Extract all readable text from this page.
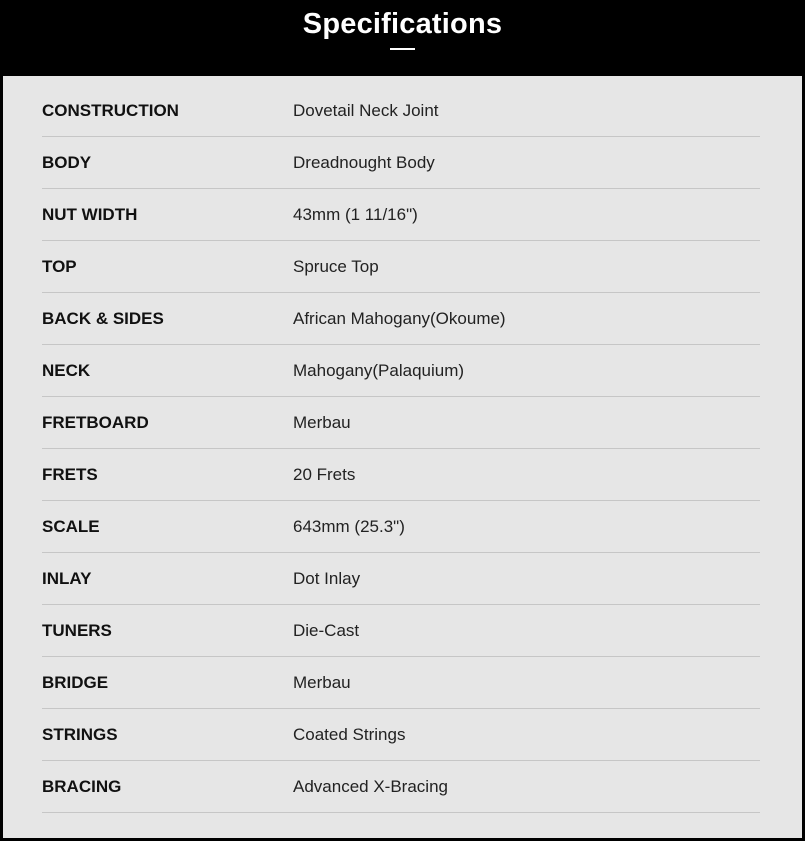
Specifications
CONSTRUCTION	Dovetail Neck Joint
BODY	Dreadnought Body
NUT WIDTH	43mm (1 11/16")
TOP	Spruce Top
BACK & SIDES	African Mahogany(Okoume)
NECK	Mahogany(Palaquium)
FRETBOARD	Merbau
FRETS	20 Frets
SCALE	643mm (25.3")
INLAY	Dot Inlay
TUNERS	Die-Cast
BRIDGE	Merbau
STRINGS	Coated Strings
BRACING	Advanced X-Bracing
